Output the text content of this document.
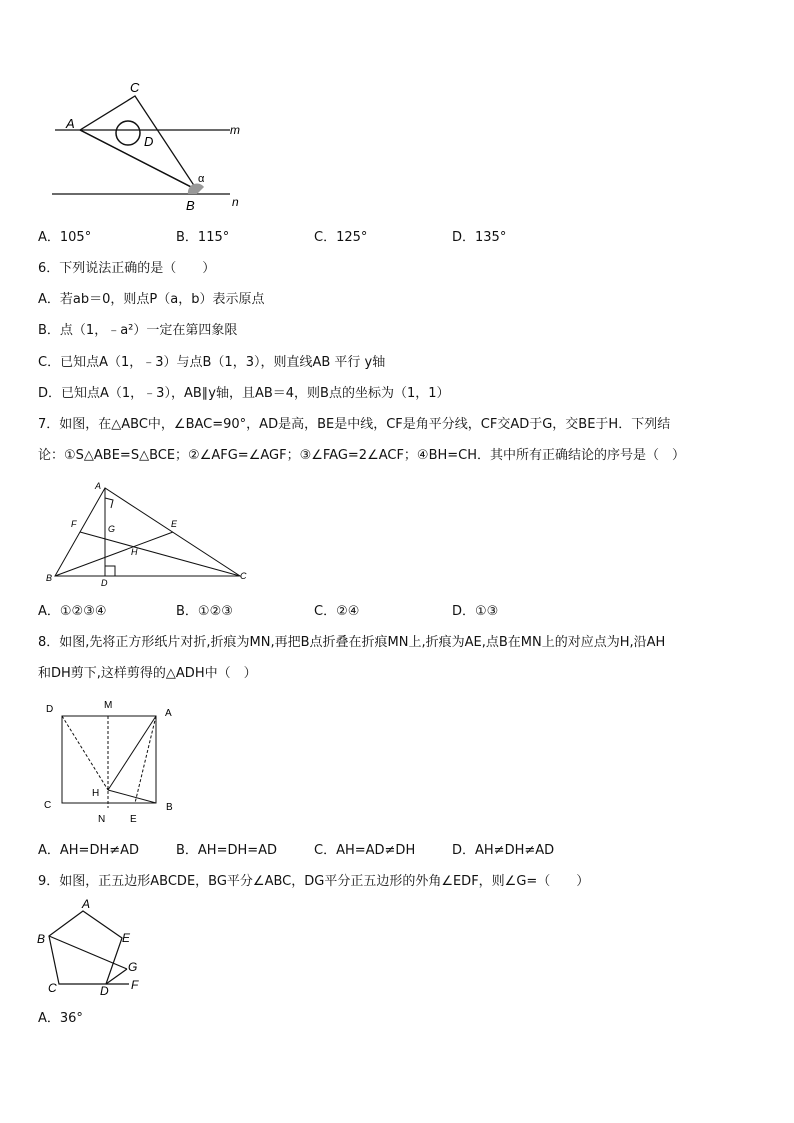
C
A
D
m
B	n
α
A．105°	B．115°	C．125°	D．135°
6．下列说法正确的是（　　）
A．若ab＝0，则点P（a，b）表示原点
B．点（1，﹣a²）一定在第四象限
C．已知点A（1，﹣3）与点B（1，3），则直线AB 平行 y轴
D．已知点A（1，﹣3），AB∥y轴，且AB＝4，则B点的坐标为（1，1）
7．如图，在△ABC中，∠BAC=90°，AD是高，BE是中线，CF是角平分线，CF交AD于G，交BE于H．下列结
论：①S△ABE=S△BCE；②∠AFG=∠AGF；③∠FAG=2∠ACF；④BH=CH．其中所有正确结论的序号是（　）
A
F	G	E
H
B	D
C
A．①②③④	B．①②③	C．②④	D．①③
8．如图,先将正方形纸片对折,折痕为MN,再把B点折叠在折痕MN上,折痕为AE,点B在MN上的对应点为H,沿AH
和DH剪下,这样剪得的△ADH中（　）
D	M
A
H
C
N E
B
A．AH=DH≠AD	B．AH=DH=AD	C．AH=AD≠DH	D．AH≠DH≠AD
9．如图，正五边形ABCDE，BG平分∠ABC，DG平分正五边形的外角∠EDF，则∠G=（　　）
A
B	E
G
C	D F
A．36°
